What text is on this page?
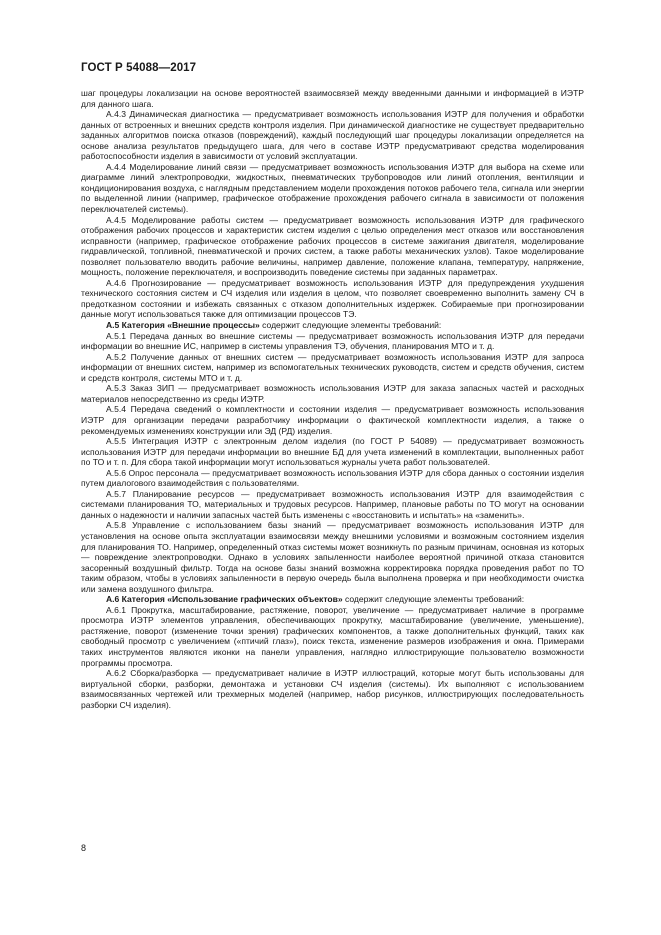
ГОСТ Р 54088—2017

шаг процедуры локализации на основе вероятностей взаимосвязей между введенными данными и информацией в ИЭТР для данного шага.

А.4.3 Динамическая диагностика — предусматривает возможность использования ИЭТР для получения и обработки данных от встроенных и внешних средств контроля изделия. При динамической диагностике не существует предварительно заданных алгоритмов поиска отказов (повреждений), каждый последующий шаг процедуры локализации определяется на основе анализа результатов предыдущего шага, для чего в составе ИЭТР предусматривают средства моделирования работоспособности изделия в зависимости от условий эксплуатации.

А.4.4 Моделирование линий связи — предусматривает возможность использования ИЭТР для выбора на схеме или диаграмме линий электропроводки, жидкостных, пневматических трубопроводов или линий отопления, вентиляции и кондиционирования воздуха, с наглядным представлением модели прохождения потоков рабочего тела, сигнала или энергии по выделенной линии (например, графическое отображение прохождения рабочего сигнала в зависимости от положения переключателей системы).

А.4.5 Моделирование работы систем — предусматривает возможность использования ИЭТР для графического отображения рабочих процессов и характеристик систем изделия с целью определения мест отказов или восстановления исправности (например, графическое отображение рабочих процессов в системе зажигания двигателя, моделирование гидравлической, топливной, пневматической и прочих систем, а также работы механических узлов). Такое моделирование позволяет пользователю вводить рабочие величины, например давление, положение клапана, температуру, напряжение, мощность, положение переключателя, и воспроизводить поведение системы при заданных параметрах.

А.4.6 Прогнозирование — предусматривает возможность использования ИЭТР для предупреждения ухудшения технического состояния систем и СЧ изделия или изделия в целом, что позволяет своевременно выполнить замену СЧ в предотказном состоянии и избежать связанных с отказом дополнительных издержек. Собираемые при прогнозировании данные могут использоваться также для оптимизации процессов ТЭ.

А.5 Категория «Внешние процессы» содержит следующие элементы требований:

А.5.1 Передача данных во внешние системы — предусматривает возможность использования ИЭТР для передачи информации во внешние ИС, например в системы управления ТЭ, обучения, планирования МТО и т. д.

А.5.2 Получение данных от внешних систем — предусматривает возможность использования ИЭТР для запроса информации от внешних систем, например из вспомогательных технических руководств, систем и средств обучения, систем и средств контроля, системы МТО и т. д.

А.5.3 Заказ ЗИП — предусматривает возможность использования ИЭТР для заказа запасных частей и расходных материалов непосредственно из среды ИЭТР.

А.5.4 Передача сведений о комплектности и состоянии изделия — предусматривает возможность использования ИЭТР для организации передачи разработчику информации о фактической комплектности изделия, а также о рекомендуемых изменениях конструкции или ЭД (РД) изделия.

А.5.5 Интеграция ИЭТР с электронным делом изделия (по ГОСТ Р 54089) — предусматривает возможность использования ИЭТР для передачи информации во внешние БД для учета изменений в комплектации, выполненных работ по ТО и т. п. Для сбора такой информации могут использоваться журналы учета работ пользователей.

А.5.6 Опрос персонала — предусматривает возможность использования ИЭТР для сбора данных о состоянии изделия путем диалогового взаимодействия с пользователями.

А.5.7 Планирование ресурсов — предусматривает возможность использования ИЭТР для взаимодействия с системами планирования ТО, материальных и трудовых ресурсов. Например, плановые работы по ТО могут на основании данных о надежности и наличии запасных частей быть изменены с «восстановить и испытать» на «заменить».

А.5.8 Управление с использованием базы знаний — предусматривает возможность использования ИЭТР для установления на основе опыта эксплуатации взаимосвязи между внешними условиями и возможным состоянием изделия для планирования ТО. Например, определенный отказ системы может возникнуть по разным причинам, основная из которых — повреждение электропроводки. Однако в условиях запыленности наиболее вероятной причиной отказа становится засоренный воздушный фильтр. Тогда на основе базы знаний возможна корректировка порядка проведения работ по ТО таким образом, чтобы в условиях запыленности в первую очередь была выполнена проверка и при необходимости очистка или замена воздушного фильтра.

А.6 Категория «Использование графических объектов» содержит следующие элементы требований:

А.6.1 Прокрутка, масштабирование, растяжение, поворот, увеличение — предусматривает наличие в программе просмотра ИЭТР элементов управления, обеспечивающих прокрутку, масштабирование (увеличение, уменьшение), растяжение, поворот (изменение точки зрения) графических компонентов, а также дополнительных функций, таких как свободный просмотр с увеличением («птичий глаз»), поиск текста, изменение размеров изображения и окна. Примерами таких инструментов являются иконки на панели управления, наглядно иллюстрирующие пользователю возможности программы просмотра.

А.6.2 Сборка/разборка — предусматривает наличие в ИЭТР иллюстраций, которые могут быть использованы для виртуальной сборки, разборки, демонтажа и установки СЧ изделия (системы). Их выполняют с использованием взаимосвязанных чертежей или трехмерных моделей (например, набор рисунков, иллюстрирующих последовательность разборки СЧ изделия).

8
